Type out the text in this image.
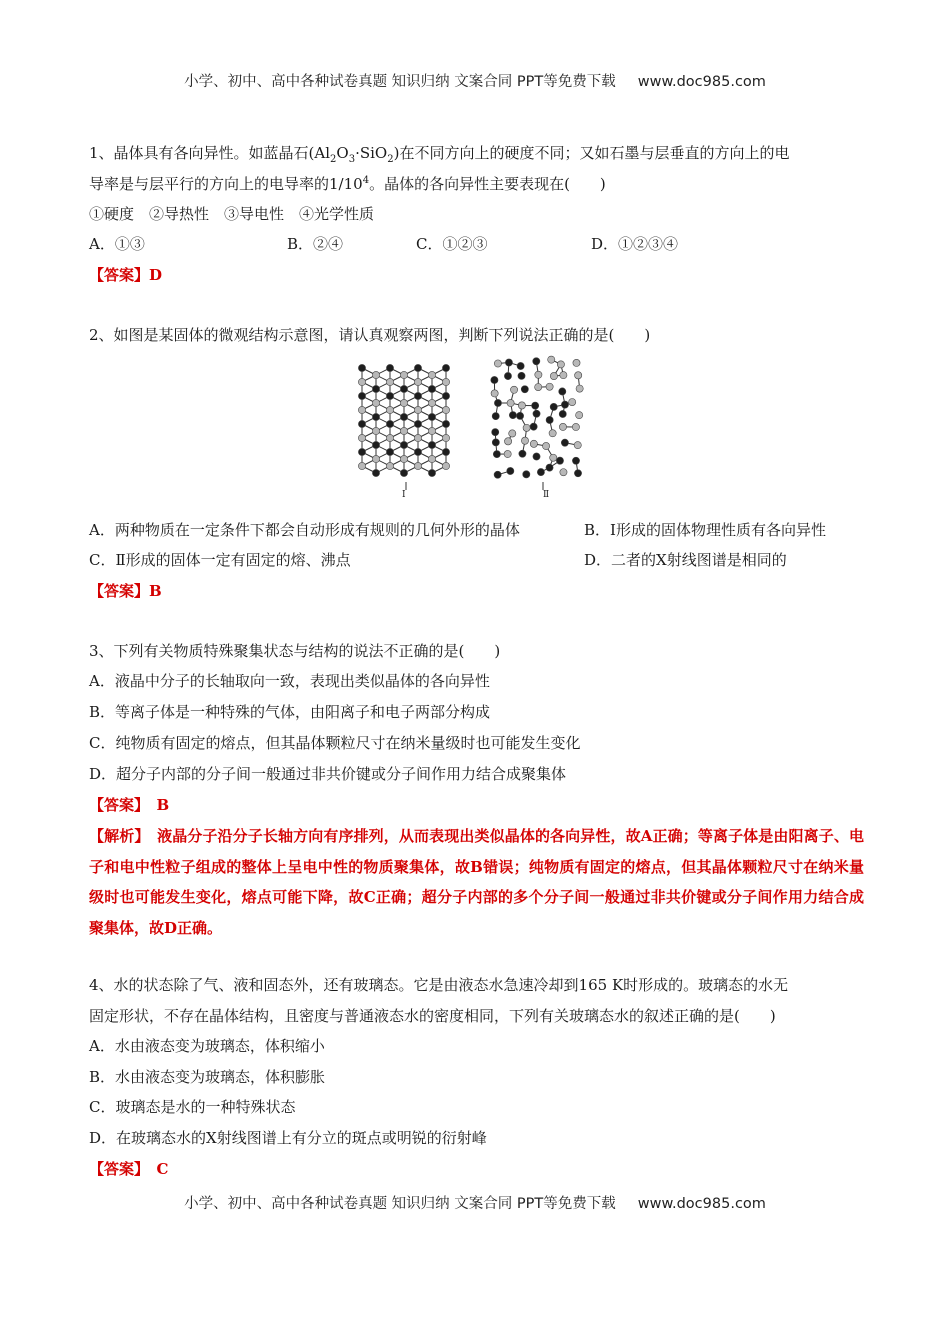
小学、初中、高中各种试卷真题 知识归纳 文案合同 PPT等免费下载 www.doc985.com
1、晶体具有各向异性。如蓝晶石$(Al_2O_3\cdot SiO_2)$在不同方向上的硬度不同；又如石墨与层垂直的方向上的电
导率是与层平行的方向上的电导率的$1/10^4$。晶体的各向异性主要表现在(　　)
①硬度　②导热性　③导电性　④光学性质
A．①③	B．②④	C．①②③	D．①②③④
【答案】D
2、如图是某固体的微观结构示意图，请认真观察两图，判断下列说法正确的是(　　)
Ⅰ	Ⅱ
A．两种物质在一定条件下都会自动形成有规则的几何外形的晶体	B．Ⅰ形成的固体物理性质有各向异性
C．Ⅱ形成的固体一定有固定的熔、沸点	D．二者的X射线图谱是相同的
【答案】B
3、下列有关物质特殊聚集状态与结构的说法不正确的是(　　)
A．液晶中分子的长轴取向一致，表现出类似晶体的各向异性
B．等离子体是一种特殊的气体，由阳离子和电子两部分构成
C．纯物质有固定的熔点，但其晶体颗粒尺寸在纳米量级时也可能发生变化
D．超分子内部的分子间一般通过非共价键或分子间作用力结合成聚集体
【答案】　B
【解析】　液晶分子沿分子长轴方向有序排列，从而表现出类似晶体的各向异性，故A正确；等离子体是由阳离子、电子和电中性粒子组成的整体上呈电中性的物质聚集体，故B错误；纯物质有固定的熔点，但其晶体颗粒尺寸在纳米量级时也可能发生变化，熔点可能下降，故C正确；超分子内部的多个分子间一般通过非共价键或分子间作用力结合成聚集体，故D正确。
4、水的状态除了气、液和固态外，还有玻璃态。它是由液态水急速冷却到165 K时形成的。玻璃态的水无
固定形状，不存在晶体结构，且密度与普通液态水的密度相同，下列有关玻璃态水的叙述正确的是(　　)
A．水由液态变为玻璃态，体积缩小
B．水由液态变为玻璃态，体积膨胀
C．玻璃态是水的一种特殊状态
D．在玻璃态水的X射线图谱上有分立的斑点或明锐的衍射峰
【答案】　C
小学、初中、高中各种试卷真题 知识归纳 文案合同 PPT等免费下载 www.doc985.com
